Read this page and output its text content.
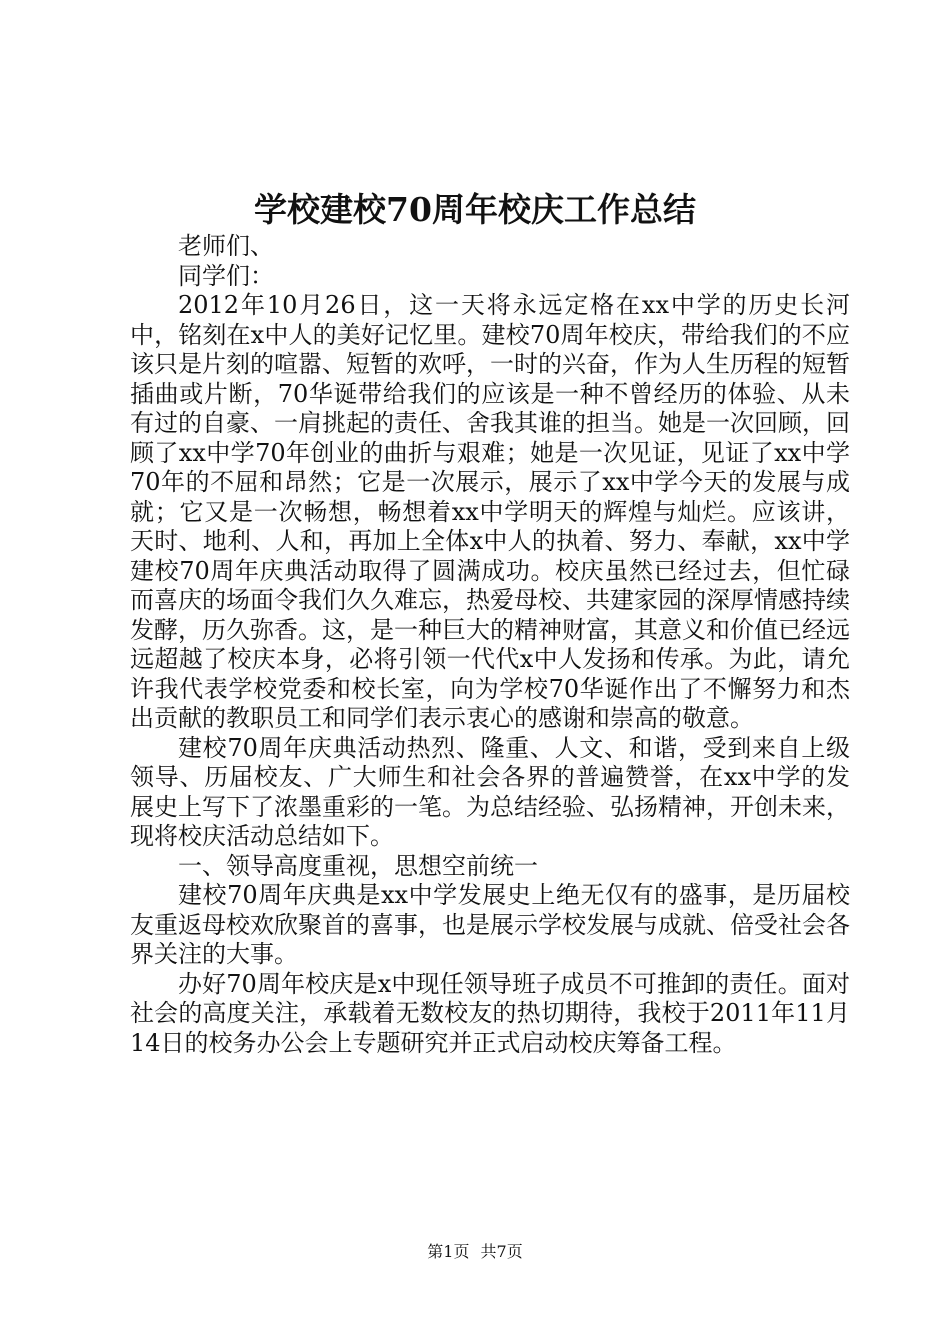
学校建校70周年校庆工作总结

老师们、

同学们：

2012年10月26日，这一天将永远定格在xx中学的历史长河中，铭刻在x中人的美好记忆里。建校70周年校庆，带给我们的不应该只是片刻的喧嚣、短暂的欢呼，一时的兴奋，作为人生历程的短暂插曲或片断，70华诞带给我们的应该是一种不曾经历的体验、从未有过的自豪、一肩挑起的责任、舍我其谁的担当。她是一次回顾，回顾了xx中学70年创业的曲折与艰难；她是一次见证，见证了xx中学70年的不屈和昂然；它是一次展示，展示了xx中学今天的发展与成就；它又是一次畅想，畅想着xx中学明天的辉煌与灿烂。应该讲，天时、地利、人和，再加上全体x中人的执着、努力、奉献，xx中学建校70周年庆典活动取得了圆满成功。校庆虽然已经过去，但忙碌而喜庆的场面令我们久久难忘，热爱母校、共建家园的深厚情感持续发酵，历久弥香。这，是一种巨大的精神财富，其意义和价值已经远远超越了校庆本身，必将引领一代代x中人发扬和传承。为此，请允许我代表学校党委和校长室，向为学校70华诞作出了不懈努力和杰出贡献的教职员工和同学们表示衷心的感谢和崇高的敬意。

建校70周年庆典活动热烈、隆重、人文、和谐，受到来自上级领导、历届校友、广大师生和社会各界的普遍赞誉，在xx中学的发展史上写下了浓墨重彩的一笔。为总结经验、弘扬精神，开创未来，现将校庆活动总结如下。

一、领导高度重视，思想空前统一

建校70周年庆典是xx中学发展史上绝无仅有的盛事，是历届校友重返母校欢欣聚首的喜事，也是展示学校发展与成就、倍受社会各界关注的大事。

办好70周年校庆是x中现任领导班子成员不可推卸的责任。面对社会的高度关注，承载着无数校友的热切期待，我校于2011年11月14日的校务办公会上专题研究并正式启动校庆筹备工程。

第1页 共7页
